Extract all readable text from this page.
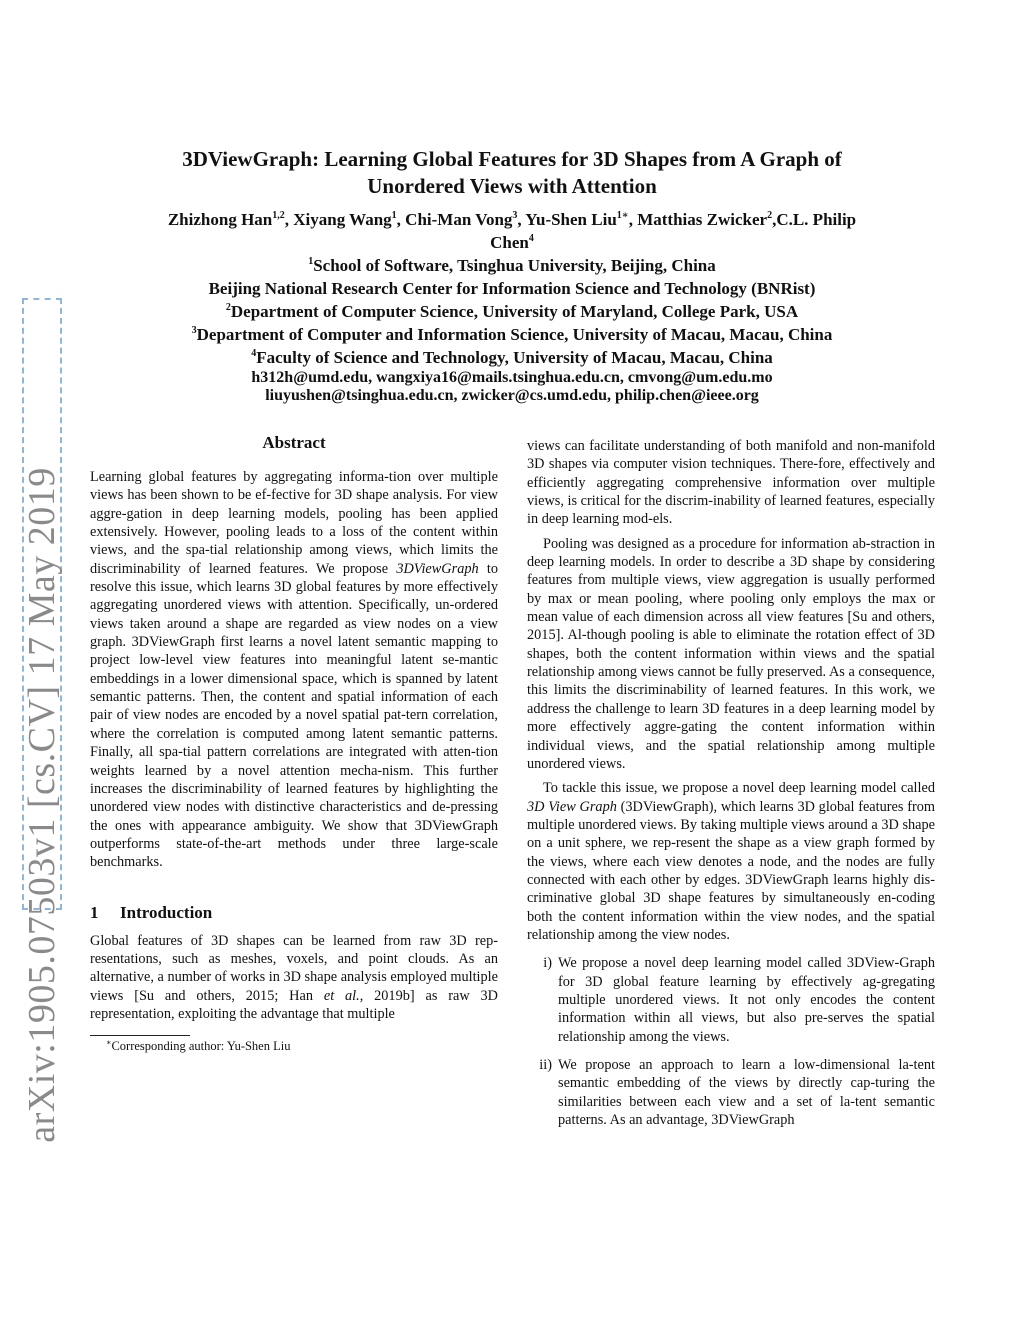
arXiv:1905.07503v1 [cs.CV] 17 May 2019
3DViewGraph: Learning Global Features for 3D Shapes from A Graph of
Unordered Views with Attention
Zhizhong Han$^{1,2}$, Xiyang Wang$^1$, Chi-Man Vong$^3$, Yu-Shen Liu$^{1∗}$, Matthias Zwicker$^2$,C.L. Philip
Chen$^4$
$^1$School of Software, Tsinghua University, Beijing, China
Beijing National Research Center for Information Science and Technology (BNRist)
$^2$Department of Computer Science, University of Maryland, College Park, USA
$^3$Department of Computer and Information Science, University of Macau, Macau, China
$^4$Faculty of Science and Technology, University of Macau, Macau, China
h312h@umd.edu, wangxiya16@mails.tsinghua.edu.cn, cmvong@um.edu.mo
liuyushen@tsinghua.edu.cn, zwicker@cs.umd.edu, philip.chen@ieee.org
Abstract

Learning global features by aggregating informa-tion over multiple views has been shown to be ef-fective for 3D shape analysis. For view aggre-gation in deep learning models, pooling has been applied extensively. However, pooling leads to a loss of the content within views, and the spa-tial relationship among views, which limits the discriminability of learned features. We propose 3DViewGraph to resolve this issue, which learns 3D global features by more effectively aggregating unordered views with attention. Specifically, un-ordered views taken around a shape are regarded as view nodes on a view graph. 3DViewGraph first learns a novel latent semantic mapping to project low-level view features into meaningful latent se-mantic embeddings in a lower dimensional space, which is spanned by latent semantic patterns. Then, the content and spatial information of each pair of view nodes are encoded by a novel spatial pat-tern correlation, where the correlation is computed among latent semantic patterns. Finally, all spa-tial pattern correlations are integrated with atten-tion weights learned by a novel attention mecha-nism. This further increases the discriminability of learned features by highlighting the unordered view nodes with distinctive characteristics and de-pressing the ones with appearance ambiguity. We show that 3DViewGraph outperforms state-of-the-art methods under three large-scale benchmarks.

1 Introduction

Global features of 3D shapes can be learned from raw 3D rep-resentations, such as meshes, voxels, and point clouds. As an alternative, a number of works in 3D shape analysis employed multiple views [Su and others, 2015; Han et al., 2019b] as raw 3D representation, exploiting the advantage that multiple

∗Corresponding author: Yu-Shen Liu

views can facilitate understanding of both manifold and non-manifold 3D shapes via computer vision techniques. There-fore, effectively and efficiently aggregating comprehensive information over multiple views, is critical for the discrim-inability of learned features, especially in deep learning mod-els.

Pooling was designed as a procedure for information ab-straction in deep learning models. In order to describe a 3D shape by considering features from multiple views, view aggregation is usually performed by max or mean pooling, where pooling only employs the max or mean value of each dimension across all view features [Su and others, 2015]. Al-though pooling is able to eliminate the rotation effect of 3D shapes, both the content information within views and the spatial relationship among views cannot be fully preserved. As a consequence, this limits the discriminability of learned features. In this work, we address the challenge to learn 3D features in a deep learning model by more effectively aggre-gating the content information within individual views, and the spatial relationship among multiple unordered views.

To tackle this issue, we propose a novel deep learning model called 3D View Graph (3DViewGraph), which learns 3D global features from multiple unordered views. By taking multiple views around a 3D shape on a unit sphere, we rep-resent the shape as a view graph formed by the views, where each view denotes a node, and the nodes are fully connected with each other by edges. 3DViewGraph learns highly dis-criminative global 3D shape features by simultaneously en-coding both the content information within the view nodes, and the spatial relationship among the view nodes.

i) We propose a novel deep learning model called 3DView-Graph for 3D global feature learning by effectively ag-gregating multiple unordered views. It not only encodes the content information within all views, but also pre-serves the spatial relationship among the views.
ii) We propose an approach to learn a low-dimensional la-tent semantic embedding of the views by directly cap-turing the similarities between each view and a set of la-tent semantic patterns. As an advantage, 3DViewGraph
